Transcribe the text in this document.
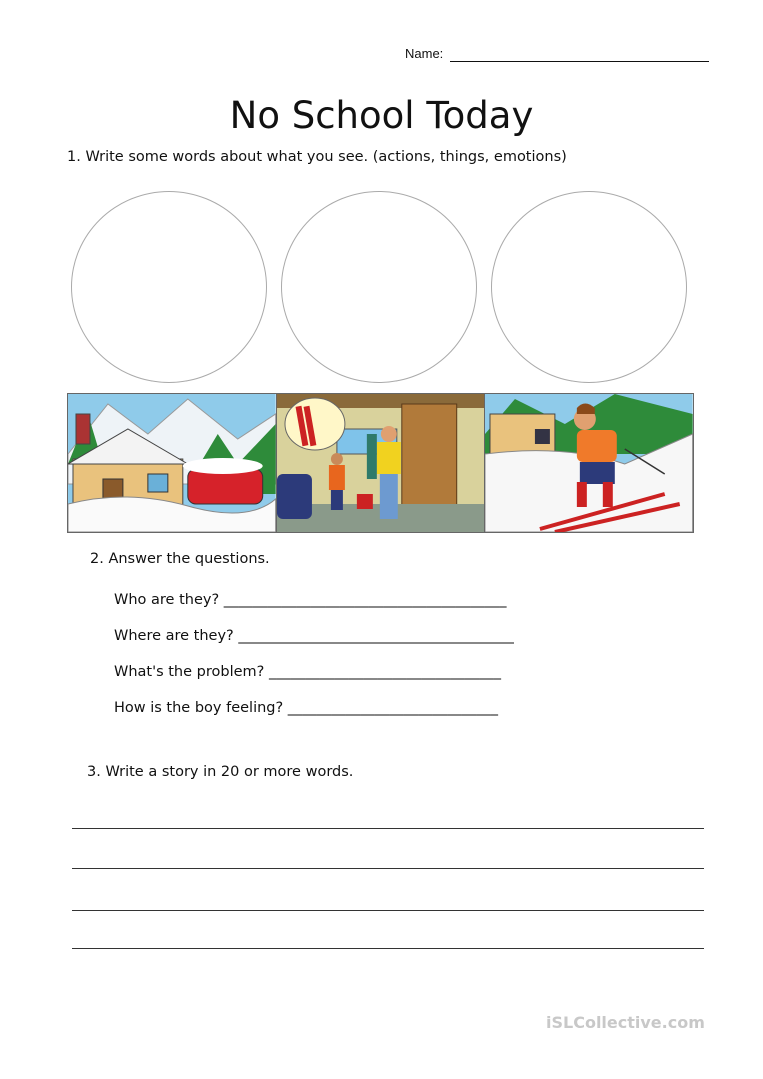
Name:
No School Today
1. Write some words about what you see. (actions, things, emotions)
2. Answer the questions.
Who are they? _______________________________________
Where are they? ______________________________________
What's the problem? ________________________________
How is the boy feeling? _____________________________
3. Write a story in 20 or more words.
iSLCollective.com
